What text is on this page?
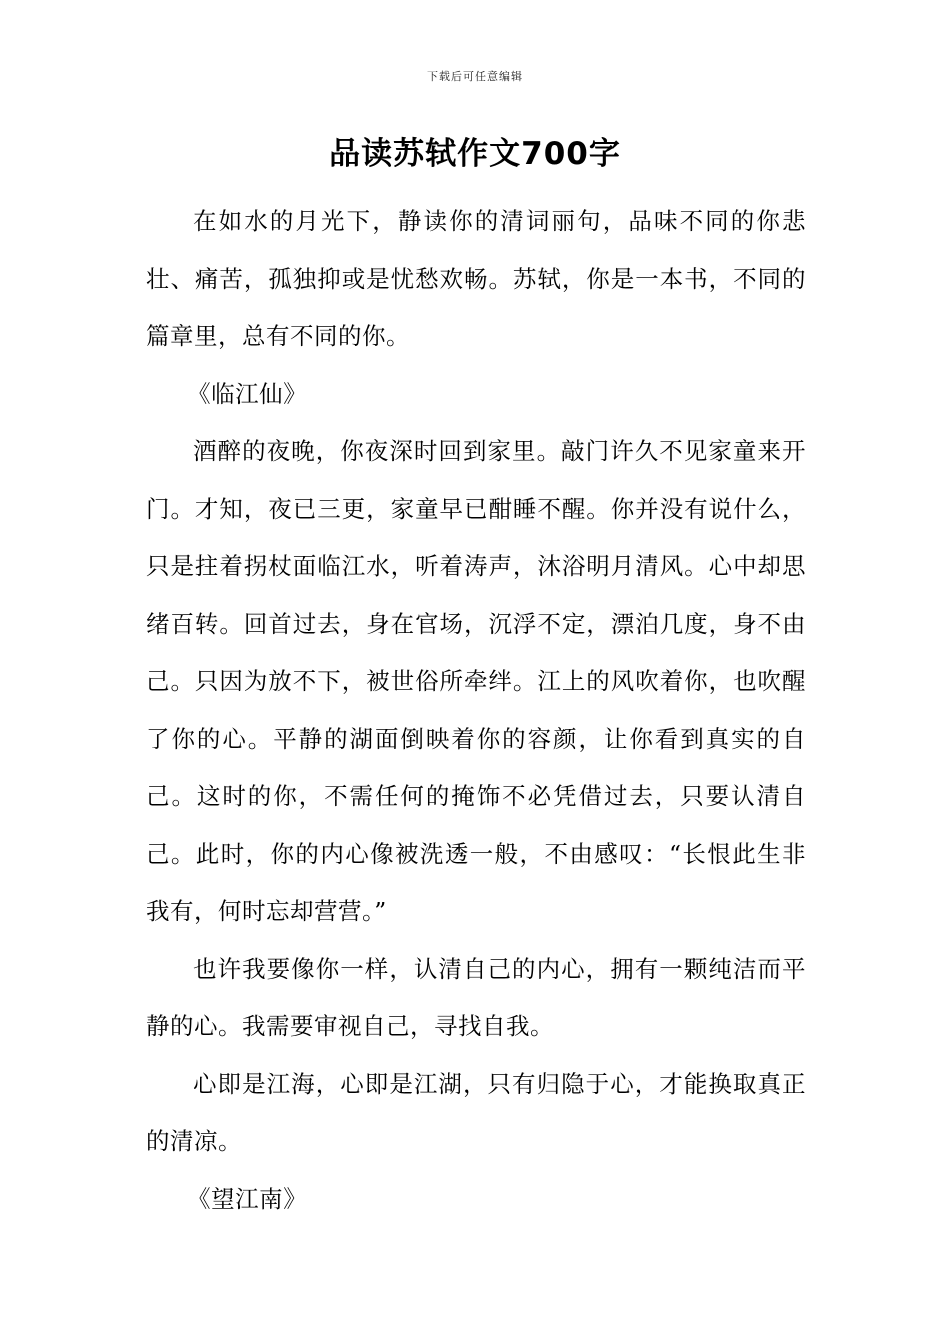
下载后可任意编辑
品读苏轼作文700字

在如水的月光下，静读你的清词丽句，品味不同的你悲壮、痛苦，孤独抑或是忧愁欢畅。苏轼，你是一本书，不同的篇章里，总有不同的你。

《临江仙》

酒醉的夜晚，你夜深时回到家里。敲门许久不见家童来开门。才知，夜已三更，家童早已酣睡不醒。你并没有说什么，只是拄着拐杖面临江水，听着涛声，沐浴明月清风。心中却思绪百转。回首过去，身在官场，沉浮不定，漂泊几度，身不由己。只因为放不下，被世俗所牵绊。江上的风吹着你，也吹醒了你的心。平静的湖面倒映着你的容颜，让你看到真实的自己。这时的你，不需任何的掩饰不必凭借过去，只要认清自己。此时，你的内心像被洗透一般，不由感叹：“长恨此生非我有，何时忘却营营。”

也许我要像你一样，认清自己的内心，拥有一颗纯洁而平静的心。我需要审视自己，寻找自我。

心即是江海，心即是江湖，只有归隐于心，才能换取真正的清凉。

《望江南》
